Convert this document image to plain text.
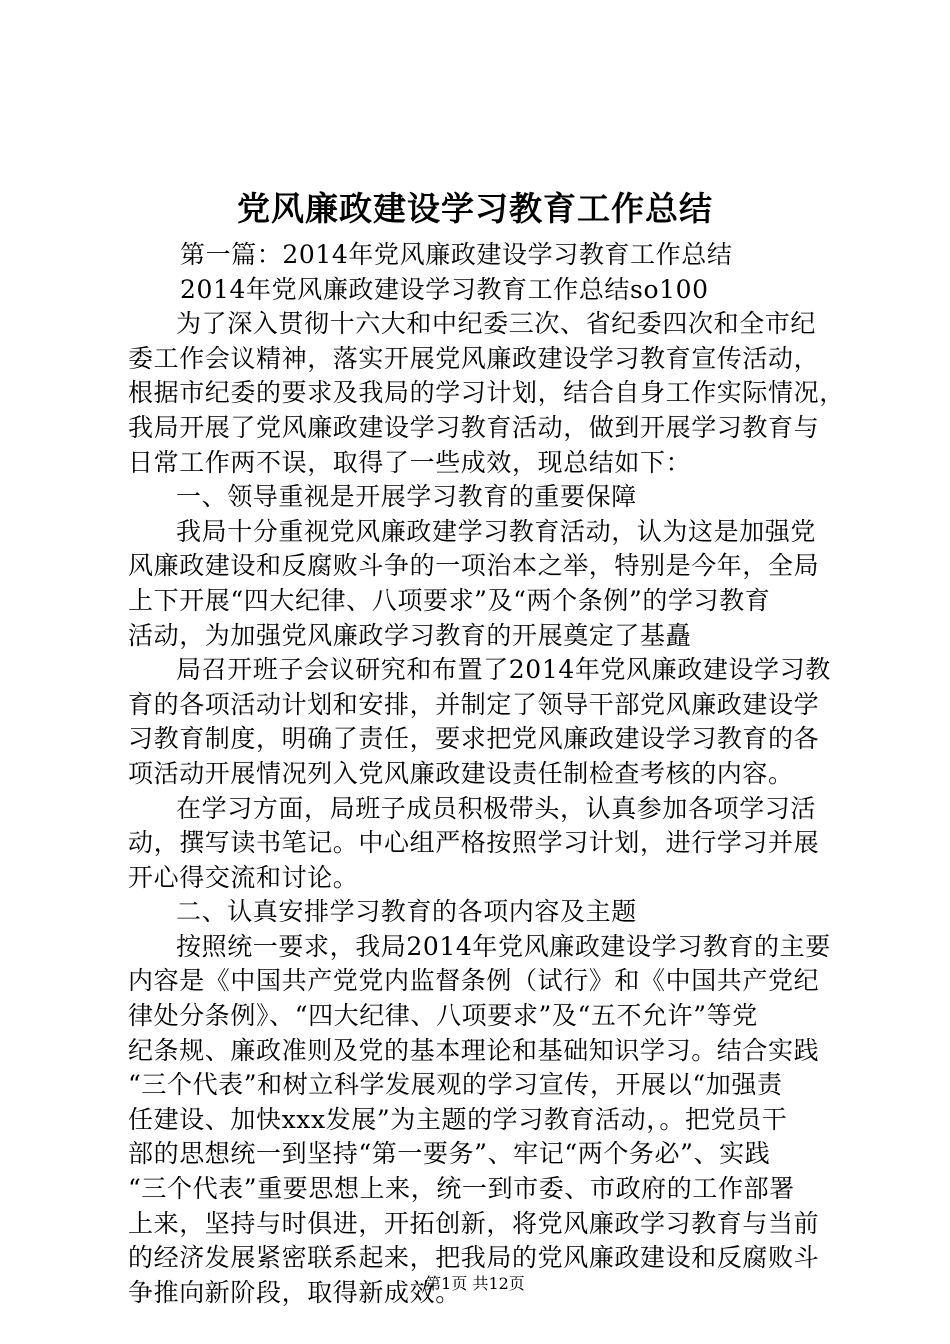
党风廉政建设学习教育工作总结
第一篇：2014年党风廉政建设学习教育工作总结
2014年党风廉政建设学习教育工作总结so100
为了深入贯彻十六大和中纪委三次、省纪委四次和全市纪
委工作会议精神，落实开展党风廉政建设学习教育宣传活动，
根据市纪委的要求及我局的学习计划，结合自身工作实际情况，
我局开展了党风廉政建设学习教育活动，做到开展学习教育与
日常工作两不误，取得了一些成效，现总结如下：
一、领导重视是开展学习教育的重要保障
我局十分重视党风廉政建学习教育活动，认为这是加强党
风廉政建设和反腐败斗争的一项治本之举，特别是今年，全局
上下开展“四大纪律、八项要求”及“两个条例”的学习教育
活动，为加强党风廉政学习教育的开展奠定了基矗
局召开班子会议研究和布置了2014年党风廉政建设学习教
育的各项活动计划和安排，并制定了领导干部党风廉政建设学
习教育制度，明确了责任，要求把党风廉政建设学习教育的各
项活动开展情况列入党风廉政建设责任制检查考核的内容。
在学习方面，局班子成员积极带头，认真参加各项学习活
动，撰写读书笔记。中心组严格按照学习计划，进行学习并展
开心得交流和讨论。
二、认真安排学习教育的各项内容及主题
按照统一要求，我局2014年党风廉政建设学习教育的主要
内容是《中国共产党党内监督条例（试行》和《中国共产党纪
律处分条例》、“四大纪律、八项要求”及“五不允许”等党
纪条规、廉政准则及党的基本理论和基础知识学习。结合实践
“三个代表”和树立科学发展观的学习宣传，开展以“加强责
任建设、加快xxx发展”为主题的学习教育活动，。把党员干
部的思想统一到坚持“第一要务”、牢记“两个务必”、实践
“三个代表”重要思想上来，统一到市委、市政府的工作部署
上来，坚持与时俱进，开拓创新，将党风廉政学习教育与当前
的经济发展紧密联系起来，把我局的党风廉政建设和反腐败斗
争推向新阶段，取得新成效。
第1页 共12页
